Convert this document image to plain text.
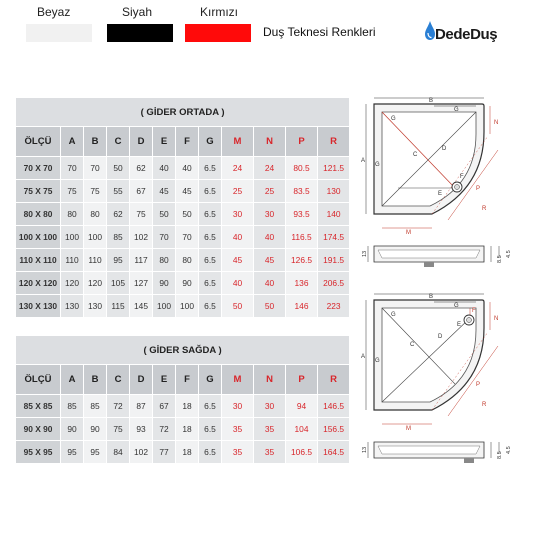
Beyaz	Siyah	Kırmızı
Duş Teknesi Renkleri	DedeDuş
( GİDER ORTADA )											
ÖLÇÜ	A	B	C	D	E	F	G	M	N	P	R
70 X 70	70	70	50	62	40	40	6.5	24	24	80.5	121.5
75 X 75	75	75	55	67	45	45	6.5	25	25	83.5	130
80 X 80	80	80	62	75	50	50	6.5	30	30	93.5	140
100 X 100	100	100	85	102	70	70	6.5	40	40	116.5	174.5
110 X 110	110	110	95	117	80	80	6.5	45	45	126.5	191.5
120 X 120	120	120	105	127	90	90	6.5	40	40	136	206.5
130 X 130	130	130	115	145	100	100	6.5	50	50	146	223
( GİDER SAĞDA )											
ÖLÇÜ	A	B	C	D	E	F	G	M	N	P	R
85 X 85	85	85	72	87	67	18	6.5	30	30	94	146.5
90 X 90	90	90	75	93	72	18	6.5	35	35	104	156.5
95 X 95	95	95	84	102	77	18	6.5	35	35	106.5	164.5
B
G
G
A
G
C
D
F
E
M
N
P
R
13
8.5
4.5
B
G
G
A
G
C
D
E
F
M
N
P
R
13
8.5
4.5
